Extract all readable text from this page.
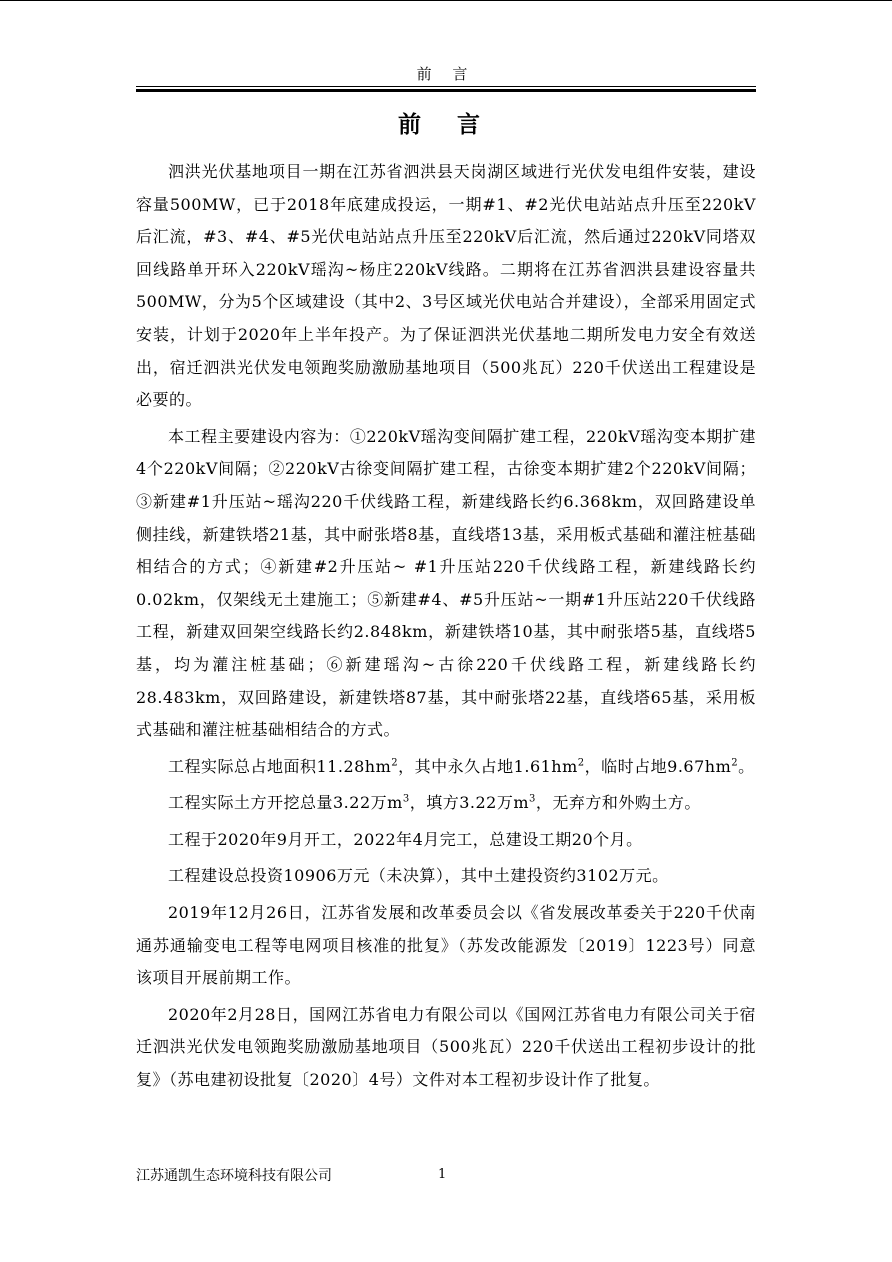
前 言
前 言

泗洪光伏基地项目一期在江苏省泗洪县天岗湖区域进行光伏发电组件安装，建设容量500MW，已于2018年底建成投运，一期#1、#2光伏电站站点升压至220kV后汇流，#3、#4、#5光伏电站站点升压至220kV后汇流，然后通过220kV同塔双回线路单开环入220kV瑶沟~杨庄220kV线路。二期将在江苏省泗洪县建设容量共500MW，分为5个区域建设（其中2、3号区域光伏电站合并建设），全部采用固定式安装，计划于2020年上半年投产。为了保证泗洪光伏基地二期所发电力安全有效送出，宿迁泗洪光伏发电领跑奖励激励基地项目（500兆瓦）220千伏送出工程建设是必要的。

本工程主要建设内容为：①220kV瑶沟变间隔扩建工程，220kV瑶沟变本期扩建4个220kV间隔；②220kV古徐变间隔扩建工程，古徐变本期扩建2个220kV间隔；③新建#1升压站~瑶沟220千伏线路工程，新建线路长约6.368km，双回路建设单侧挂线，新建铁塔21基，其中耐张塔8基，直线塔13基，采用板式基础和灌注桩基础相结合的方式；④新建#2升压站~ #1升压站220千伏线路工程，新建线路长约0.02km，仅架线无土建施工；⑤新建#4、#5升压站~一期#1升压站220千伏线路工程，新建双回架空线路长约2.848km，新建铁塔10基，其中耐张塔5基，直线塔5基，均为灌注桩基础；⑥新建瑶沟~古徐220千伏线路工程，新建线路长约28.483km，双回路建设，新建铁塔87基，其中耐张塔22基，直线塔65基，采用板式基础和灌注桩基础相结合的方式。

工程实际总占地面积$11.28hm^2$，其中永久占地$1.61hm^2$，临时占地$9.67hm^2$。

工程实际土方开挖总量3.22万$m^3$，填方3.22万$m^3$，无弃方和外购土方。

工程于2020年9月开工，2022年4月完工，总建设工期20个月。

工程建设总投资10906万元（未决算），其中土建投资约3102万元。

2019年12月26日，江苏省发展和改革委员会以《省发展改革委关于220千伏南通苏通输变电工程等电网项目核准的批复》（苏发改能源发〔2019〕1223号）同意该项目开展前期工作。

2020年2月28日，国网江苏省电力有限公司以《国网江苏省电力有限公司关于宿迁泗洪光伏发电领跑奖励激励基地项目（500兆瓦）220千伏送出工程初步设计的批复》（苏电建初设批复〔2020〕4号）文件对本工程初步设计作了批复。

江苏通凯生态环境科技有限公司	1
